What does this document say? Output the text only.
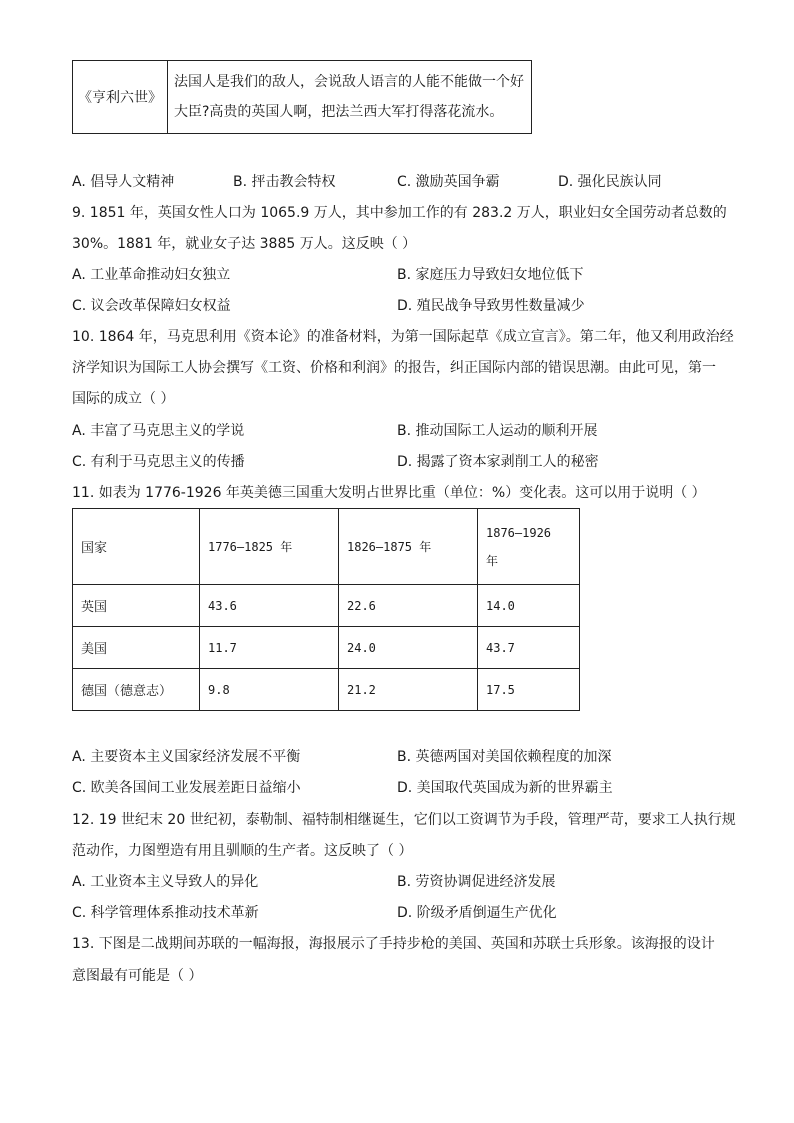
《亨利六世》	
法国人是我们的敌人，会说敌人语言的人能不能做一个好
大臣?高贵的英国人啊，把法兰西大军打得落花流水。
A. 倡导人文精神	B. 抨击教会特权	C. 激励英国争霸	D. 强化民族认同
9. 1851 年，英国女性人口为 1065.9 万人，其中参加工作的有 283.2 万人，职业妇女全国劳动者总数的
30%。1881 年，就业女子达 3885 万人。这反映（ ）
A. 工业革命推动妇女独立	B. 家庭压力导致妇女地位低下
C. 议会改革保障妇女权益	D. 殖民战争导致男性数量减少
10. 1864 年，马克思利用《资本论》的准备材料，为第一国际起草《成立宣言》。第二年，他又利用政治经
济学知识为国际工人协会撰写《工资、价格和利润》的报告，纠正国际内部的错误思潮。由此可见，第一
国际的成立（ ）
A. 丰富了马克思主义的学说	B. 推动国际工人运动的顺利开展
C. 有利于马克思主义的传播	D. 揭露了资本家剥削工人的秘密
11. 如表为 1776-1926 年英美德三国重大发明占世界比重（单位：%）变化表。这可以用于说明（ ）
国家	1776—1825 年	1826—1875 年	1876—1926
年

英国	43.6	22.6	14.0
美国	11.7	24.0	43.7
德国（德意志）	9.8	21.2	17.5
A. 主要资本主义国家经济发展不平衡	B. 英德两国对美国依赖程度的加深
C. 欧美各国间工业发展差距日益缩小	D. 美国取代英国成为新的世界霸主
12. 19 世纪末 20 世纪初，泰勒制、福特制相继诞生，它们以工资调节为手段，管理严苛，要求工人执行规
范动作，力图塑造有用且驯顺的生产者。这反映了（ ）
A. 工业资本主义导致人的异化	B. 劳资协调促进经济发展
C. 科学管理体系推动技术革新	D. 阶级矛盾倒逼生产优化
13. 下图是二战期间苏联的一幅海报，海报展示了手持步枪的美国、英国和苏联士兵形象。该海报的设计
意图最有可能是（ ）
